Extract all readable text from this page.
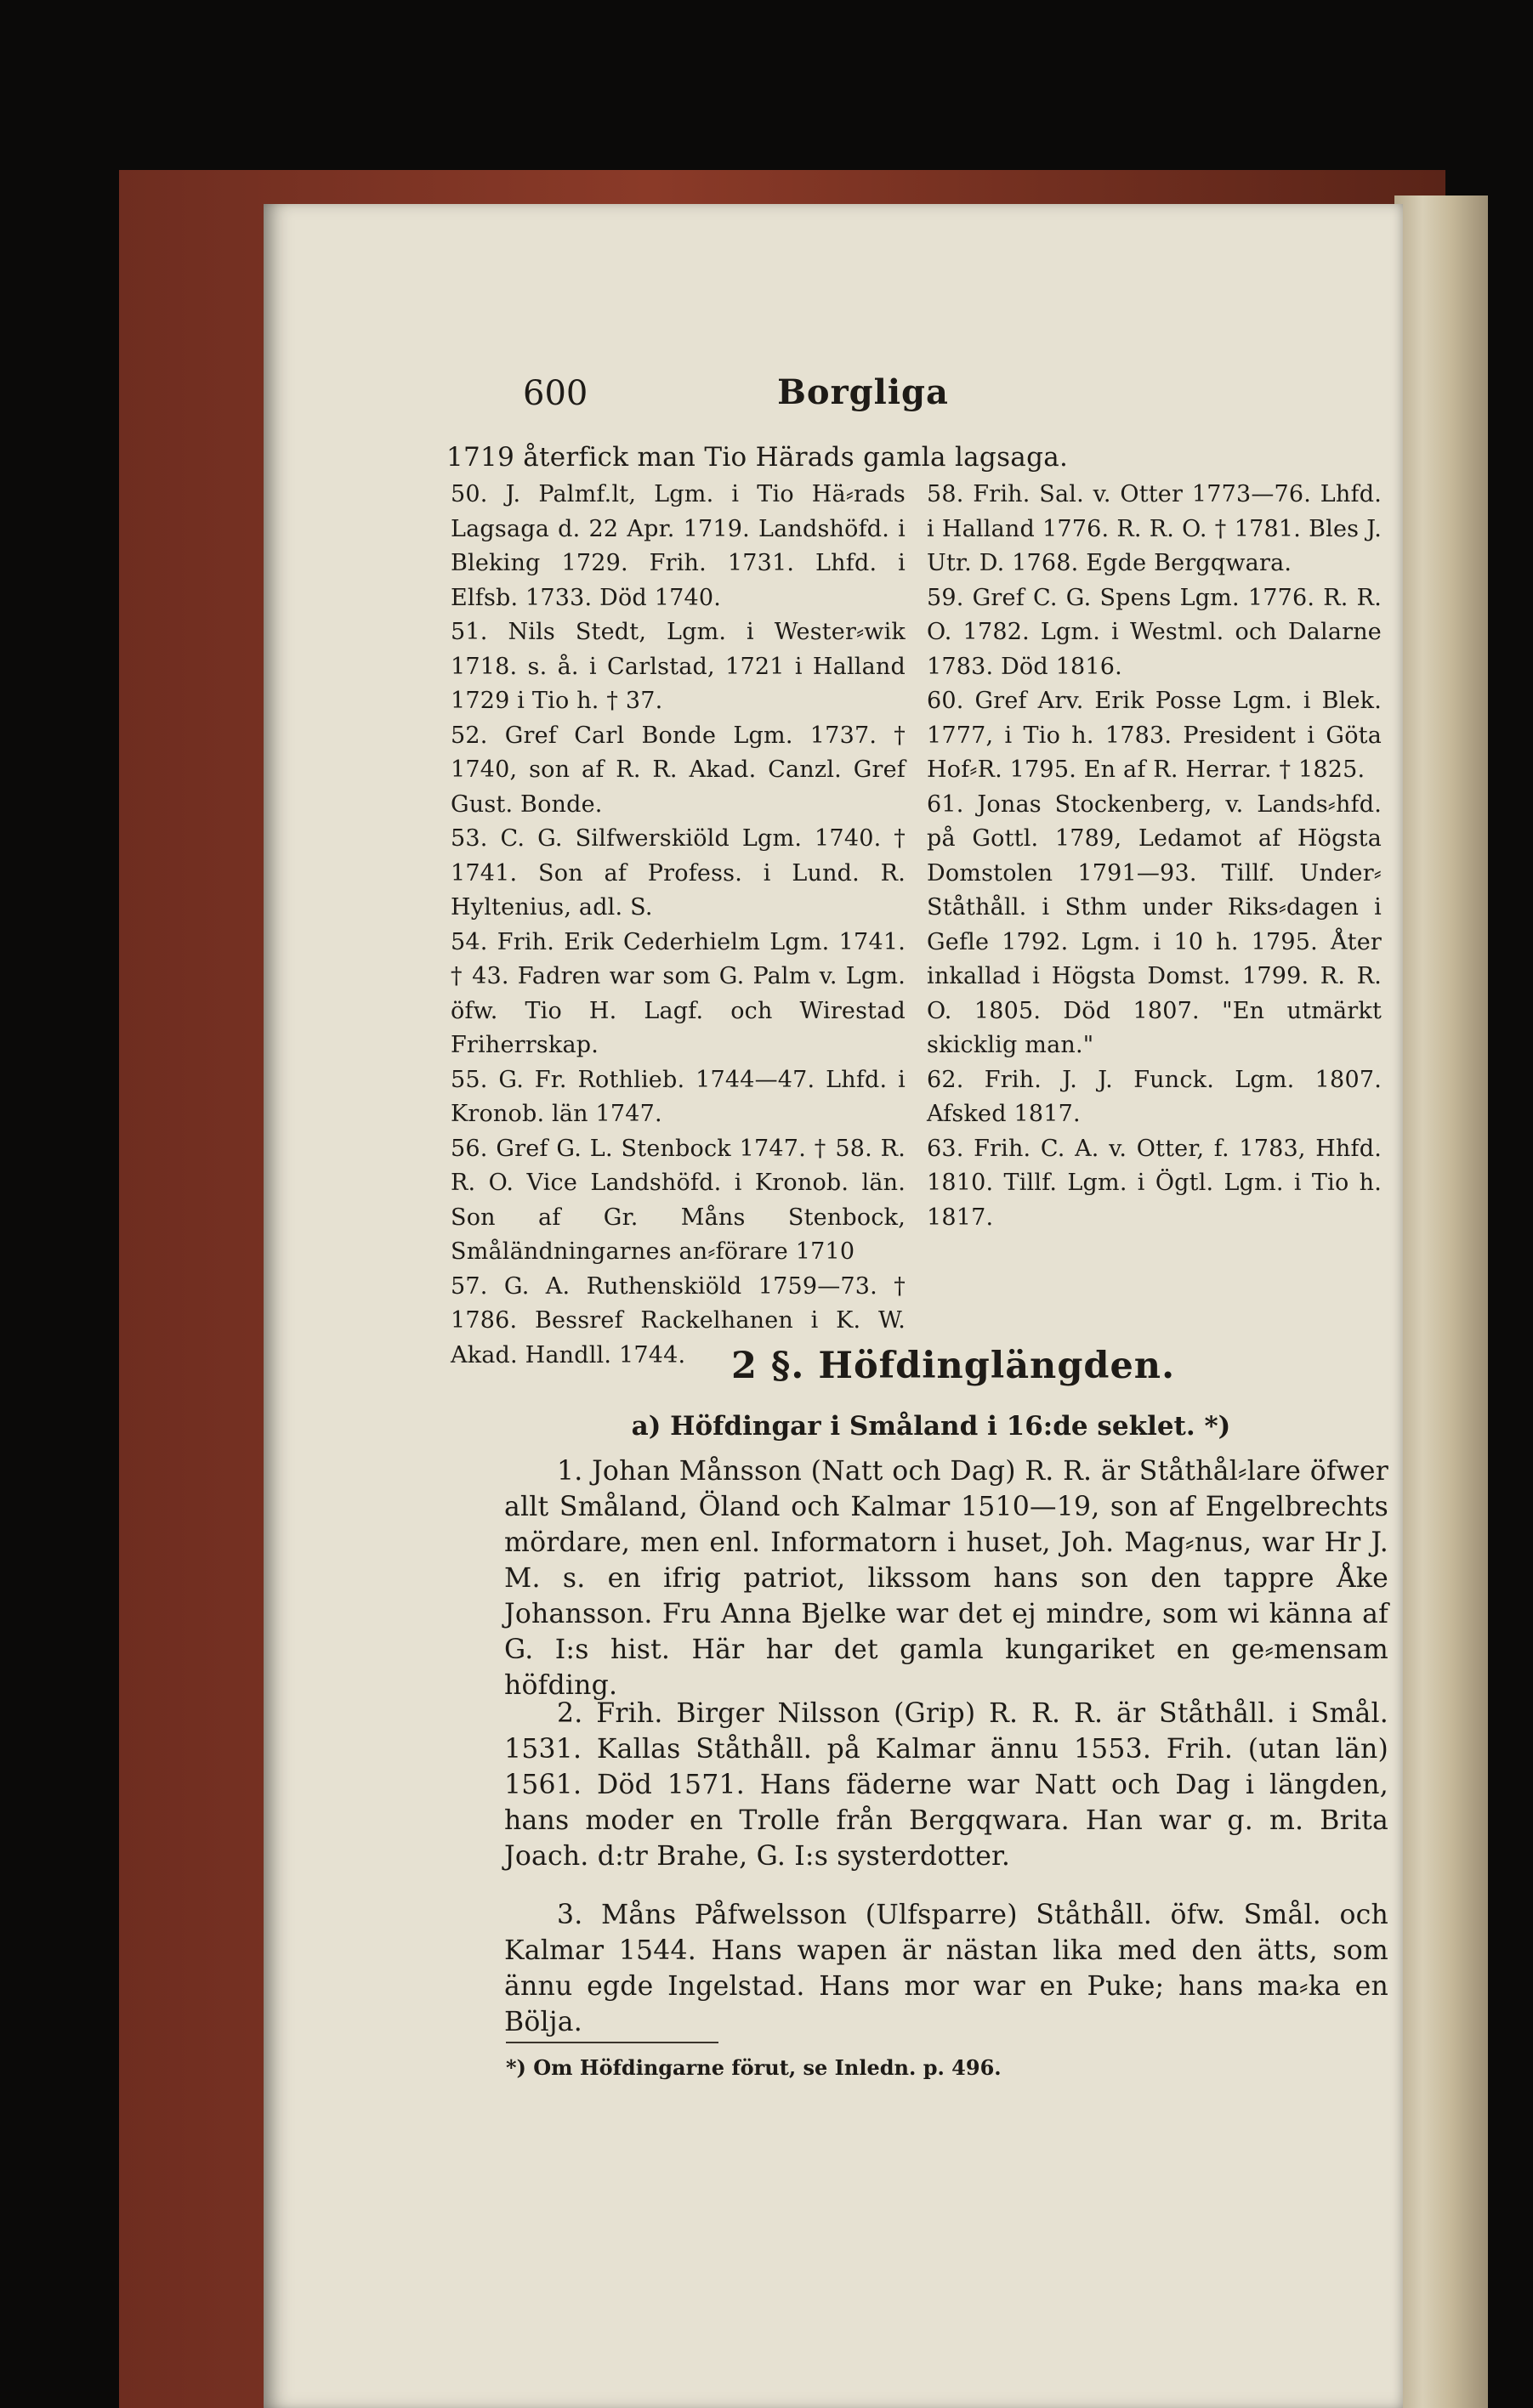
600	Borgliga
1719 återfick man Tio Härads gamla lagsaga.
50. J. Palmf.lt, Lgm. i Tio Hä⸗rads Lagsaga d. 22 Apr. 1719. Landshöfd. i Bleking 1729. Frih. 1731. Lhfd. i Elfsb. 1733. Död 1740.
51. Nils Stedt, Lgm. i Wester⸗wik 1718. s. å. i Carlstad, 1721 i Halland 1729 i Tio h. † 37.
52. Gref Carl Bonde Lgm. 1737. † 1740, son af R. R. Akad. Canzl. Gref Gust. Bonde.
53. C. G. Silfwerskiöld Lgm. 1740. † 1741. Son af Profess. i Lund. R. Hyltenius, adl. S.
54. Frih. Erik Cederhielm Lgm. 1741. † 43. Fadren war som G. Palm v. Lgm. öfw. Tio H. Lagf. och Wirestad Friherrskap.
55. G. Fr. Rothlieb. 1744—47. Lhfd. i Kronob. län 1747.
56. Gref G. L. Stenbock 1747. † 58. R. R. O. Vice Landshöfd. i Kronob. län. Son af Gr. Måns Stenbock, Småländningarnes an⸗förare 1710
57. G. A. Ruthenskiöld 1759—73. † 1786. Bessref Rackelhanen i K. W. Akad. Handll. 1744.
58. Frih. Sal. v. Otter 1773—76. Lhfd. i Halland 1776. R. R. O. † 1781. Bles J. Utr. D. 1768. Egde Bergqwara.
59. Gref C. G. Spens Lgm. 1776. R. R. O. 1782. Lgm. i Westml. och Dalarne 1783. Död 1816.
60. Gref Arv. Erik Posse Lgm. i Blek. 1777, i Tio h. 1783. President i Göta Hof⸗R. 1795. En af R. Herrar. † 1825.
61. Jonas Stockenberg, v. Lands⸗hfd. på Gottl. 1789, Ledamot af Högsta Domstolen 1791—93. Tillf. Under⸗Ståthåll. i Sthm under Riks⸗dagen i Gefle 1792. Lgm. i 10 h. 1795. Åter inkallad i Högsta Domst. 1799. R. R. O. 1805. Död 1807. "En utmärkt skicklig man."
62. Frih. J. J. Funck. Lgm. 1807. Afsked 1817.
63. Frih. C. A. v. Otter, f. 1783, Hhfd. 1810. Tillf. Lgm. i Ögtl. Lgm. i Tio h. 1817.
2 §. Höfdinglängden.
a) Höfdingar i Småland i 16:de seklet. *)
1. Johan Månsson (Natt och Dag) R. R. är Ståthål⸗lare öfwer allt Småland, Öland och Kalmar 1510—19, son af Engelbrechts mördare, men enl. Informatorn i huset, Joh. Mag⸗nus, war Hr J. M. s. en ifrig patriot, likssom hans son den tappre Åke Johansson. Fru Anna Bjelke war det ej mindre, som wi känna af G. I:s hist. Här har det gamla kungariket en ge⸗mensam höfding.
2. Frih. Birger Nilsson (Grip) R. R. R. är Ståthåll. i Smål. 1531. Kallas Ståthåll. på Kalmar ännu 1553. Frih. (utan län) 1561. Död 1571. Hans fäderne war Natt och Dag i längden, hans moder en Trolle från Bergqwara. Han war g. m. Brita Joach. d:tr Brahe, G. I:s systerdotter.
3. Måns Påfwelsson (Ulfsparre) Ståthåll. öfw. Smål. och Kalmar 1544. Hans wapen är nästan lika med den ätts, som ännu egde Ingelstad. Hans mor war en Puke; hans ma⸗ka en Bölja.
*) Om Höfdingarne förut, se Inledn. p. 496.
